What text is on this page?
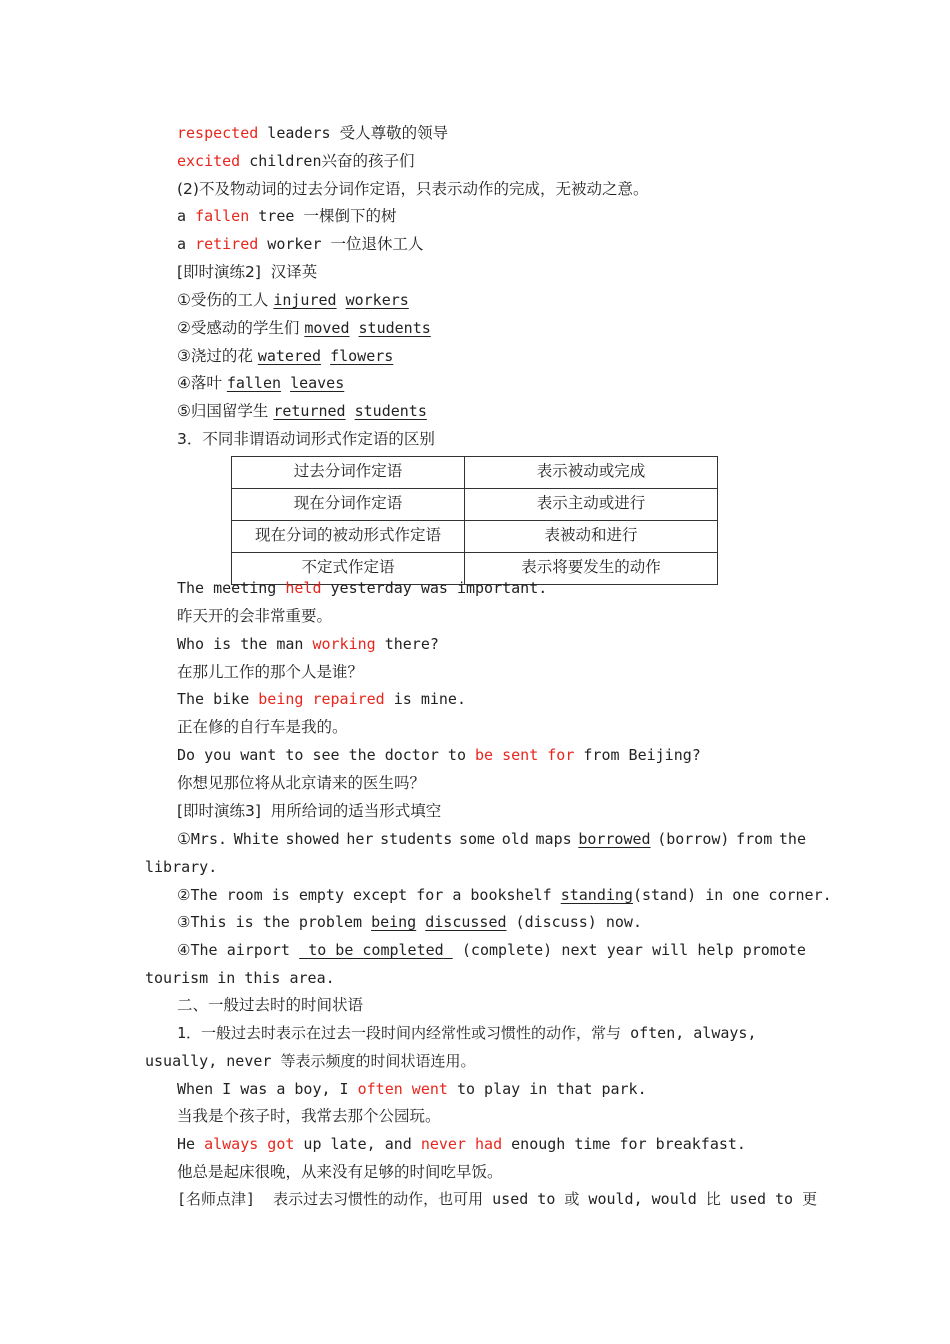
respected leaders 受人尊敬的领导
excited children兴奋的孩子们
(2)不及物动词的过去分词作定语，只表示动作的完成，无被动之意。
a fallen tree 一棵倒下的树
a retired worker 一位退休工人
[即时演练2]  汉译英
①受伤的工人 injured workers
②受感动的学生们 moved students
③浇过的花 watered flowers
④落叶 fallen leaves
⑤归国留学生 returned students
3．不同非谓语动词形式作定语的区别
过去分词作定语	表示被动或完成
现在分词作定语	表示主动或进行
现在分词的被动形式作定语	表被动和进行
不定式作定语	表示将要发生的动作
The meeting held yesterday was important.
昨天开的会非常重要。
Who is the man working there?
在那儿工作的那个人是谁？
The bike being repaired is mine.
正在修的自行车是我的。
Do you want to see the doctor to be sent for from Beijing?
你想见那位将从北京请来的医生吗？
[即时演练3]  用所给词的适当形式填空
①Mrs. White showed her students some old maps borrowed (borrow) from the
library.
②The room is empty except for a bookshelf standing(stand) in one corner.
③This is the problem being discussed (discuss) now.
④The airport	to be completed	(complete) next year will help promote
tourism in this area.
二、一般过去时的时间状语
1．一般过去时表示在过去一段时间内经常性或习惯性的动作，常与 often, always,
usually, never 等表示频度的时间状语连用。
When I was a boy, I often went to play in that park.
当我是个孩子时，我常去那个公园玩。
He always got up late, and never had enough time for breakfast.
他总是起床很晚，从来没有足够的时间吃早饭。
[名师点津]  表示过去习惯性的动作，也可用 used to 或 would, would 比 used to 更
